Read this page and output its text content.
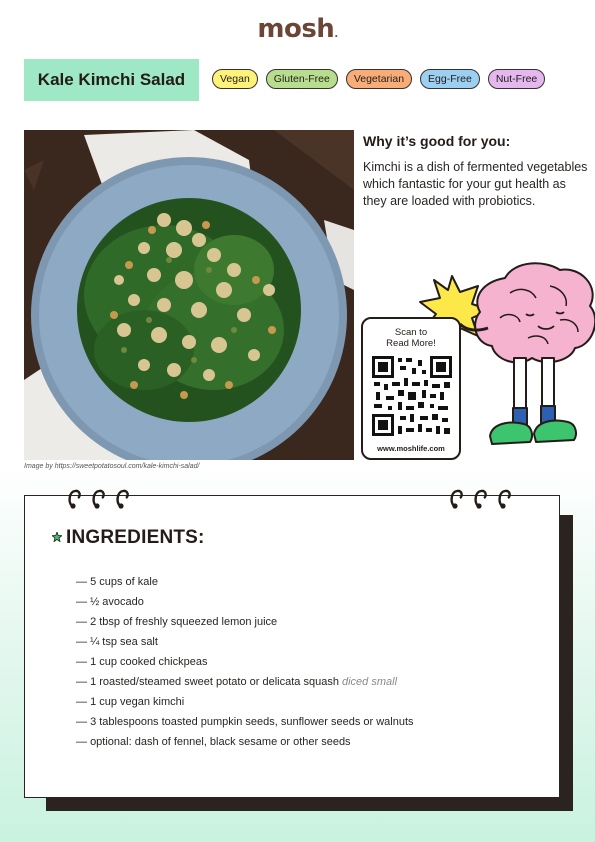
mosh.
Kale Kimchi Salad	Vegan	Gluten-Free	Vegetarian	Egg-Free	Nut-Free
Image by https://sweetpotatosoul.com/kale-kimchi-salad/
Why it’s good for you:
Kimchi is a dish of fermented vegetables which fantastic for your gut health as they are loaded with probiotics.
Scan to
Read More!
www.moshlife.com
INGREDIENTS:
— 5 cups of kale
— ½ avocado
— 2 tbsp of freshly squeezed lemon juice
— ¼ tsp sea salt
— 1 cup cooked chickpeas
— 1 roasted/steamed sweet potato or delicata squash diced small
— 1 cup vegan kimchi
— 3 tablespoons toasted pumpkin seeds, sunflower seeds or walnuts
— optional: dash of fennel, black sesame or other seeds
